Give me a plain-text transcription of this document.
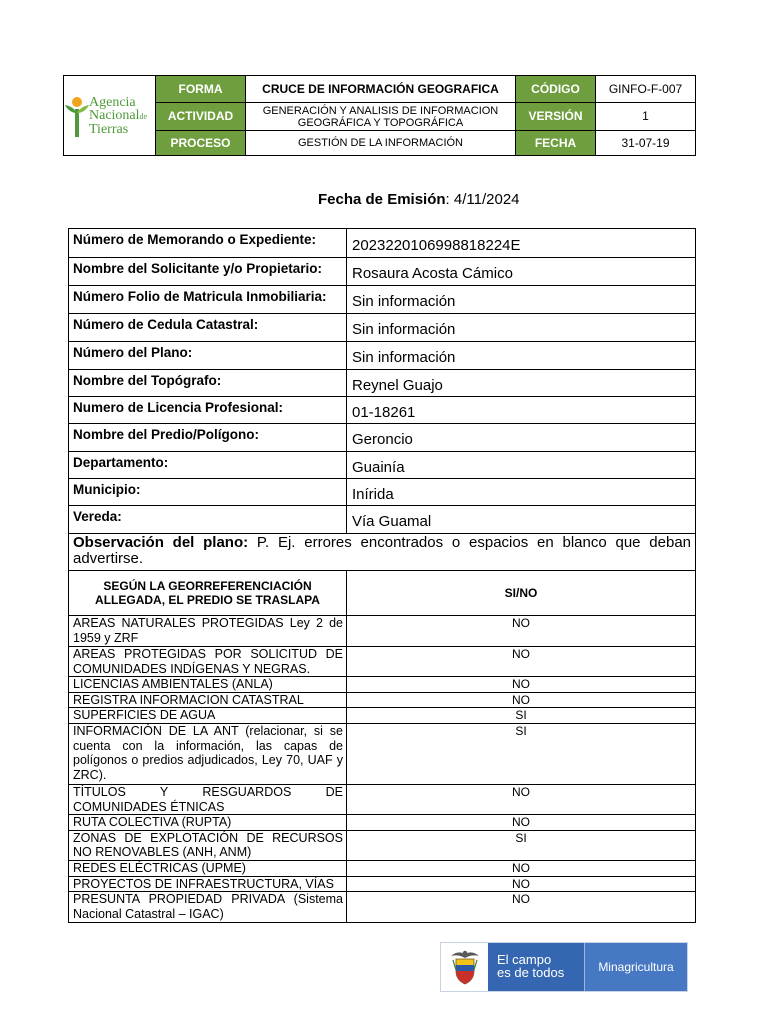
Agencia
Nacionalde
Tierras	FORMA	CRUCE DE INFORMACIÓN GEOGRAFICA	CÓDIGO	GINFO-F-007
	ACTIVIDAD	GENERACIÓN Y ANALISIS DE INFORMACION GEOGRÁFICA Y TOPOGRÁFICA	VERSIÓN	1
	PROCESO	GESTIÓN DE LA INFORMACIÓN	FECHA	31-07-19
Fecha de Emisión: 4/11/2024
Número de Memorando o Expediente:	2023220106998818224E
Nombre del Solicitante y/o Propietario:	Rosaura Acosta Cámico
Número Folio de Matricula Inmobiliaria:	Sin información
Número de Cedula Catastral:	Sin información
Número del Plano:	Sin información
Nombre del Topógrafo:	Reynel Guajo
Numero de Licencia Profesional:	01-18261
Nombre del Predio/Polígono:	Geroncio
Departamento:	Guainía
Municipio:	Inírida
Vereda:	Vía Guamal
Observación del plano: P. Ej. errores encontrados o espacios en blanco que deban advertirse.	
SEGÚN LA GEORREFERENCIACIÓN ALLEGADA, EL PREDIO SE TRASLAPA	SI/NO
AREAS NATURALES PROTEGIDAS Ley 2 de 1959 y ZRF	NO
AREAS PROTEGIDAS POR SOLICITUD DE COMUNIDADES INDÍGENAS Y NEGRAS.	NO
LICENCIAS AMBIENTALES (ANLA)	NO
REGISTRA INFORMACION CATASTRAL	NO
SUPERFICIES DE AGUA	SI
INFORMACIÓN DE LA ANT (relacionar, si se cuenta con la información, las capas de polígonos o predios adjudicados, Ley 70, UAF y ZRC).	SI
TÍTULOS Y RESGUARDOS DE COMUNIDADES ÉTNICAS	NO
RUTA COLECTIVA (RUPTA)	NO
ZONAS DE EXPLOTACIÓN DE RECURSOS NO RENOVABLES (ANH, ANM)	SI
REDES ELÉCTRICAS (UPME)	NO
PROYECTOS DE INFRAESTRUCTURA, VÍAS	NO
PRESUNTA PROPIEDAD PRIVADA (Sistema Nacional Catastral – IGAC)	NO
El campo
es de todos	Minagricultura
